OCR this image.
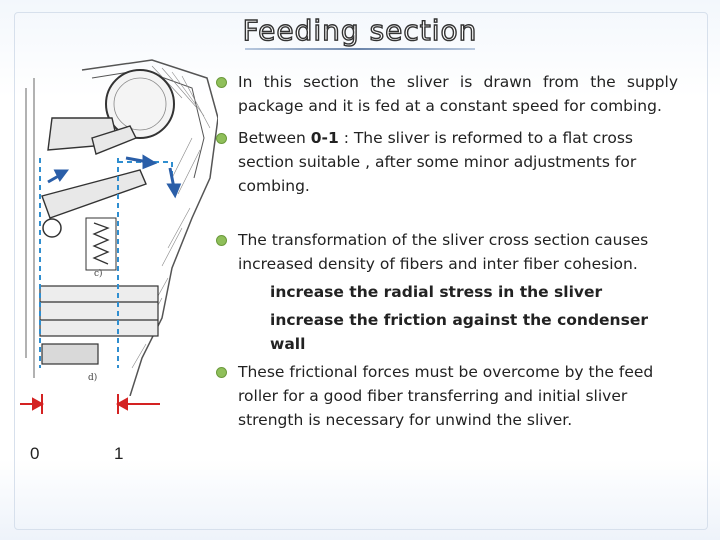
Feeding section
c)
d)
0	1
In this section the sliver is drawn from the supply package and it is fed at a constant speed for combing.
Between 0-1 : The sliver is reformed to a flat cross section suitable , after some minor adjustments for combing.
The transformation of the sliver cross section causes increased density of fibers and inter fiber cohesion.
increase the radial stress in the sliver
increase the friction against the condenser wall
These frictional forces must be overcome by the feed roller for a good fiber transferring and initial sliver strength is necessary for unwind the sliver.
